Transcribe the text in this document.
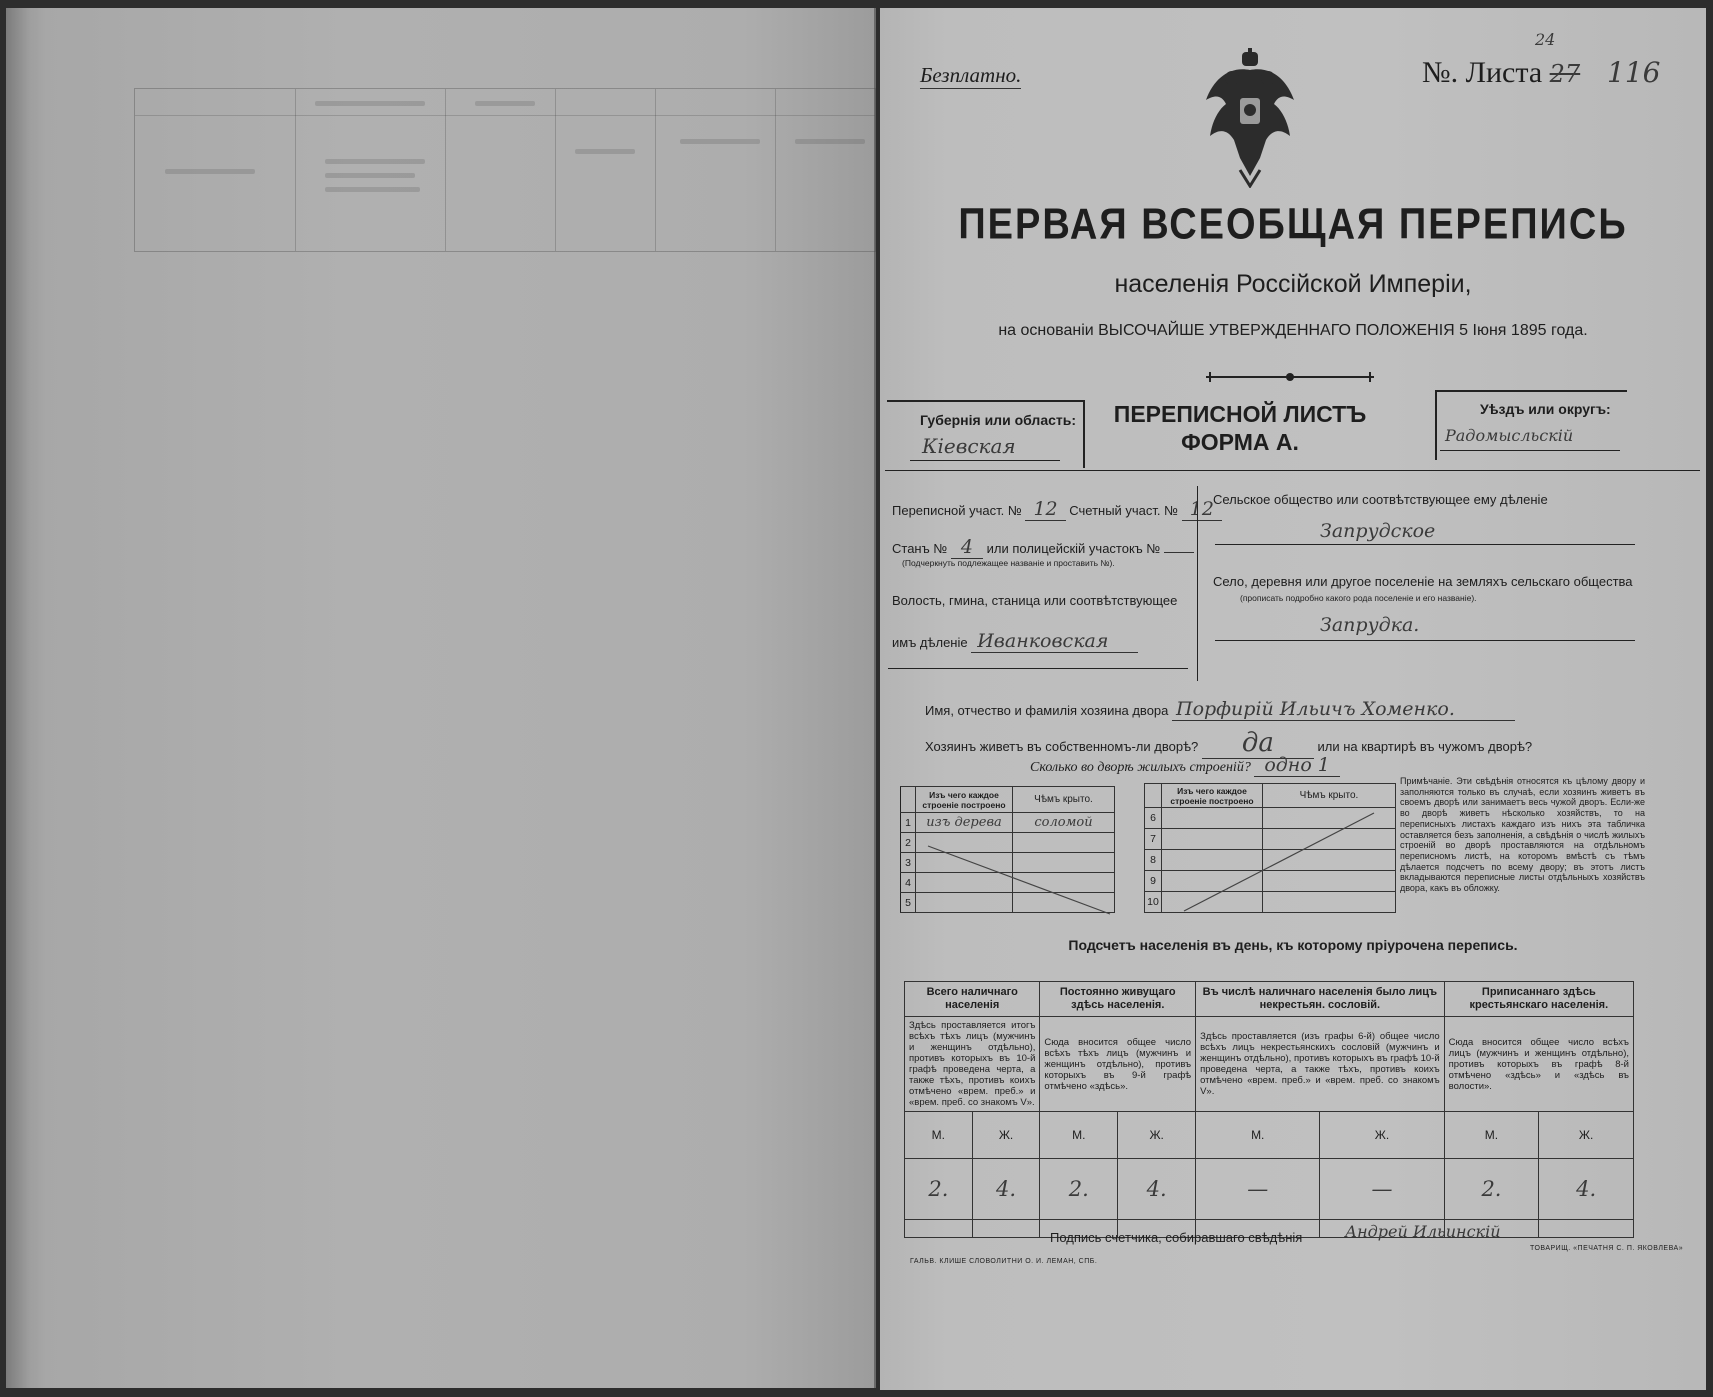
Безплатно.
24
№. Листа 27 116
ПЕРВАЯ ВСЕОБЩАЯ ПЕРЕПИСЬ
населенія Россійской Имперіи,
на основаніи ВЫСОЧАЙШЕ УТВЕРЖДЕННАГО ПОЛОЖЕНІЯ 5 Іюня 1895 года.
Губернія или область:
Кіевская
ПЕРЕПИСНОЙ ЛИСТЪ
ФОРМА А.
Уѣздъ или округъ:
Радомысльскій
Переписной участ. № 12 Счетный участ. № 12
Станъ № 4 или полицейскій участокъ №
(Подчеркнуть подлежащее названіе и проставить №).
Волость, гмина, станица или соотвѣтствующее
имъ дѣленіе Иванковская
Сельское общество или соотвѣтствующее ему дѣленіе
Запрудское
Село, деревня или другое поселеніе на земляхъ сельскаго общества
(прописать подробно какого рода поселеніе и его названіе).
Запрудка.
Имя, отчество и фамилія хозяина двора Порфирій Ильичъ Хоменко.
Хозяинъ живетъ въ собственномъ-ли дворѣ? да	или на квартирѣ въ чужомъ дворѣ?
Сколько во дворѣ жилыхъ строеній? одно 1
	Изъ чего каждое строеніе построено	Чѣмъ крыто.
1	изъ дерева	соломой
2		
3		
4		
5		
	Изъ чего каждое строеніе построено	Чѣмъ крыто.
6		
7		
8		
9		
10		
Примѣчаніе. Эти свѣдѣнія относятся къ цѣлому двору и заполняются только въ случаѣ, если хозяинъ живетъ въ своемъ дворѣ или занимаетъ весь чужой дворъ. Если-же во дворѣ живетъ нѣсколько хозяйствъ, то на переписныхъ листахъ каждаго изъ нихъ эта табличка оставляется безъ заполненія, а свѣдѣнія о числѣ жилыхъ строеній во дворѣ проставляются на отдѣльномъ переписномъ листѣ, на которомъ вмѣстѣ съ тѣмъ дѣлается подсчетъ по всему двору; въ этотъ листъ вкладываются переписные листы отдѣльныхъ хозяйствъ двора, какъ въ обложку.
Подсчетъ населенія въ день, къ которому пріурочена перепись.
Всего наличнаго населенія		Постоянно живущаго здѣсь населенія.		Въ числѣ наличнаго населенія было лицъ некрестьян. сословій.		Приписаннаго здѣсь крестьянскаго населенія.	
Здѣсь проставляется итогъ всѣхъ тѣхъ лицъ (мужчинъ и женщинъ отдѣльно), противъ которыхъ въ 10-й графѣ проведена черта, а также тѣхъ, противъ коихъ отмѣчено «врем. преб.» и «врем. преб. со знакомъ V».		Сюда вносится общее число всѣхъ тѣхъ лицъ (мужчинъ и женщинъ отдѣльно), противъ которыхъ въ 9-й графѣ отмѣчено «здѣсь».		Здѣсь проставляется (изъ графы 6-й) общее число всѣхъ лицъ некрестьянскихъ сословій (мужчинъ и женщинъ отдѣльно), противъ которыхъ въ графѣ 10-й проведена черта, а также тѣхъ, противъ коихъ отмѣчено «врем. преб.» и «врем. преб. со знакомъ V».		Сюда вносится общее число всѣхъ лицъ (мужчинъ и женщинъ отдѣльно), противъ которыхъ въ графѣ 8-й отмѣчено «здѣсь» и «здѣсь въ волости».	
М.	Ж.	М.	Ж.	М.	Ж.	М.	Ж.
2.	4.	2.	4.	—	—	2.	4.

Подпись счетчика, собиравшаго свѣдѣнія	Андрей Ильинскій
ГАЛЬВ. КЛИШЕ СЛОВОЛИТНИ О. И. ЛЕМАН, СПБ.
ТОВАРИЩ. «ПЕЧАТНЯ С. П. ЯКОВЛЕВА»
